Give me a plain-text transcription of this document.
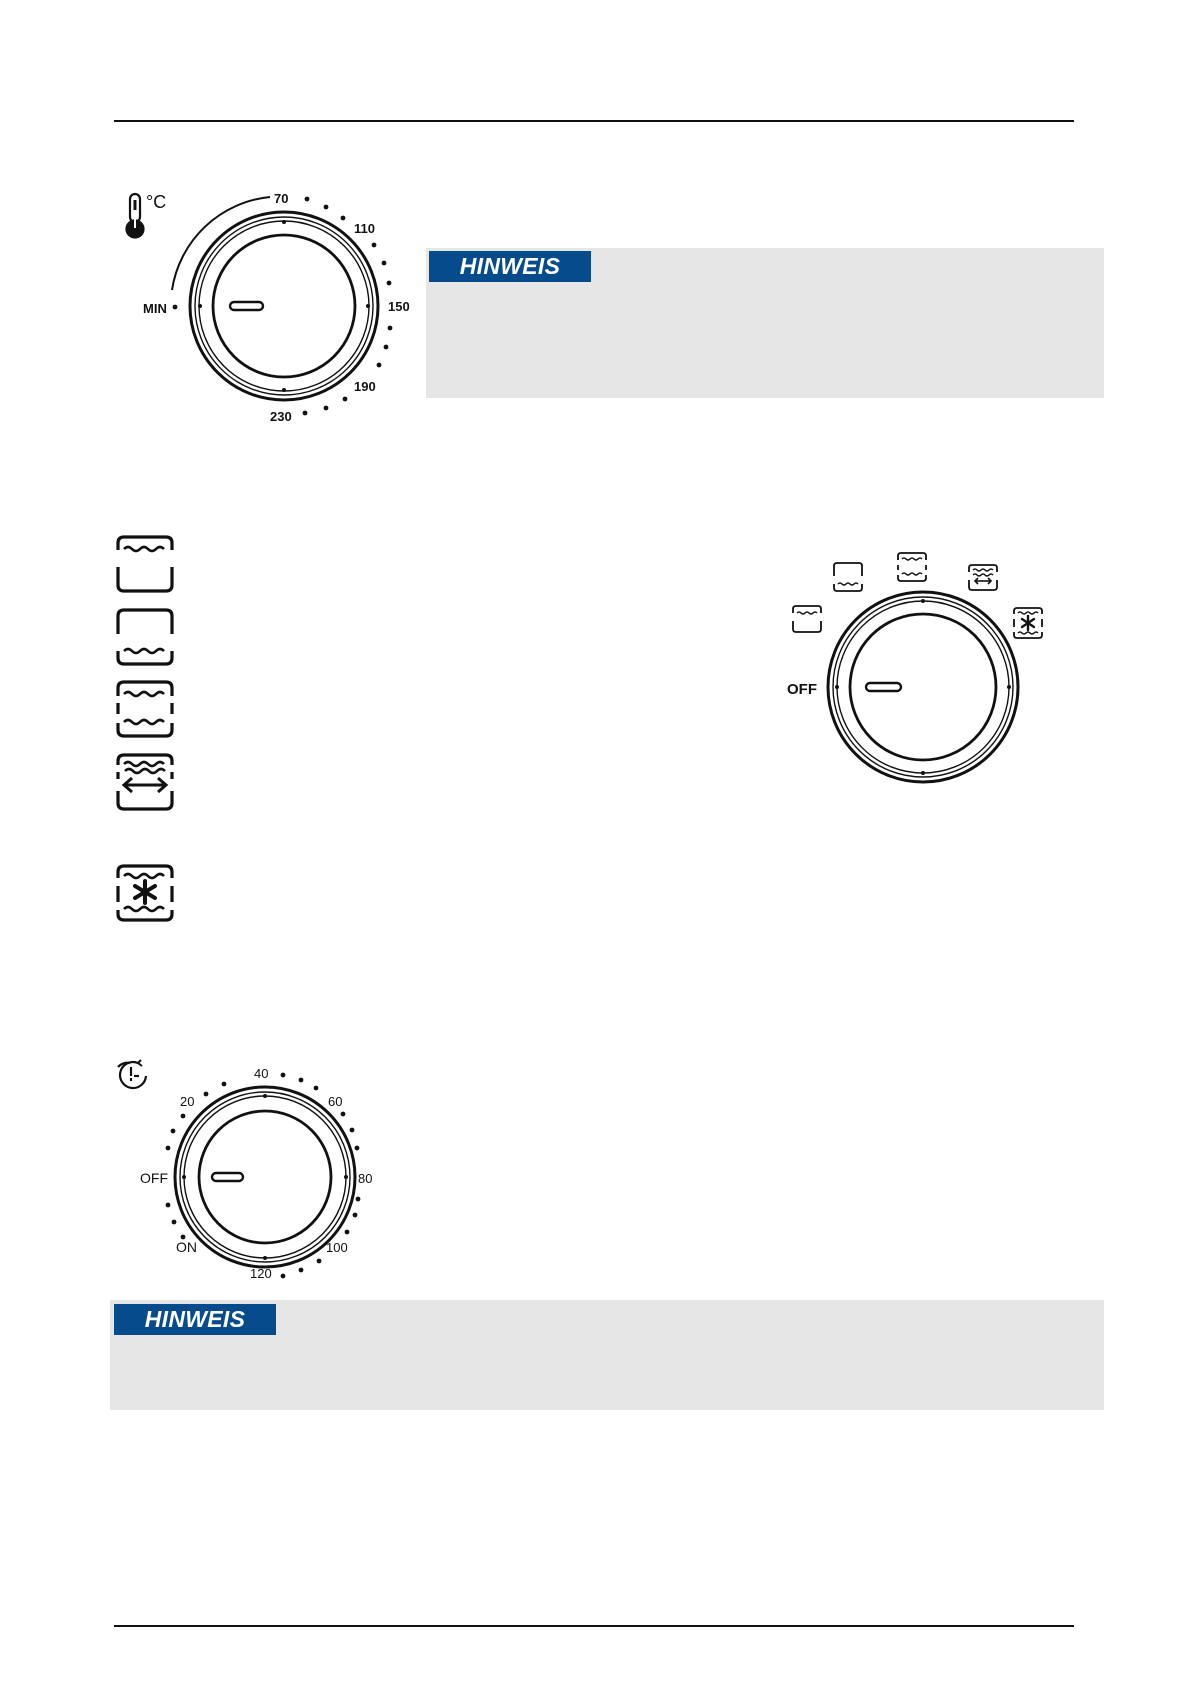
°C
MIN
70
110
150
190
230
HINWEIS
OFF
OFF
ON
20
40
60
80
100
120
HINWEIS
